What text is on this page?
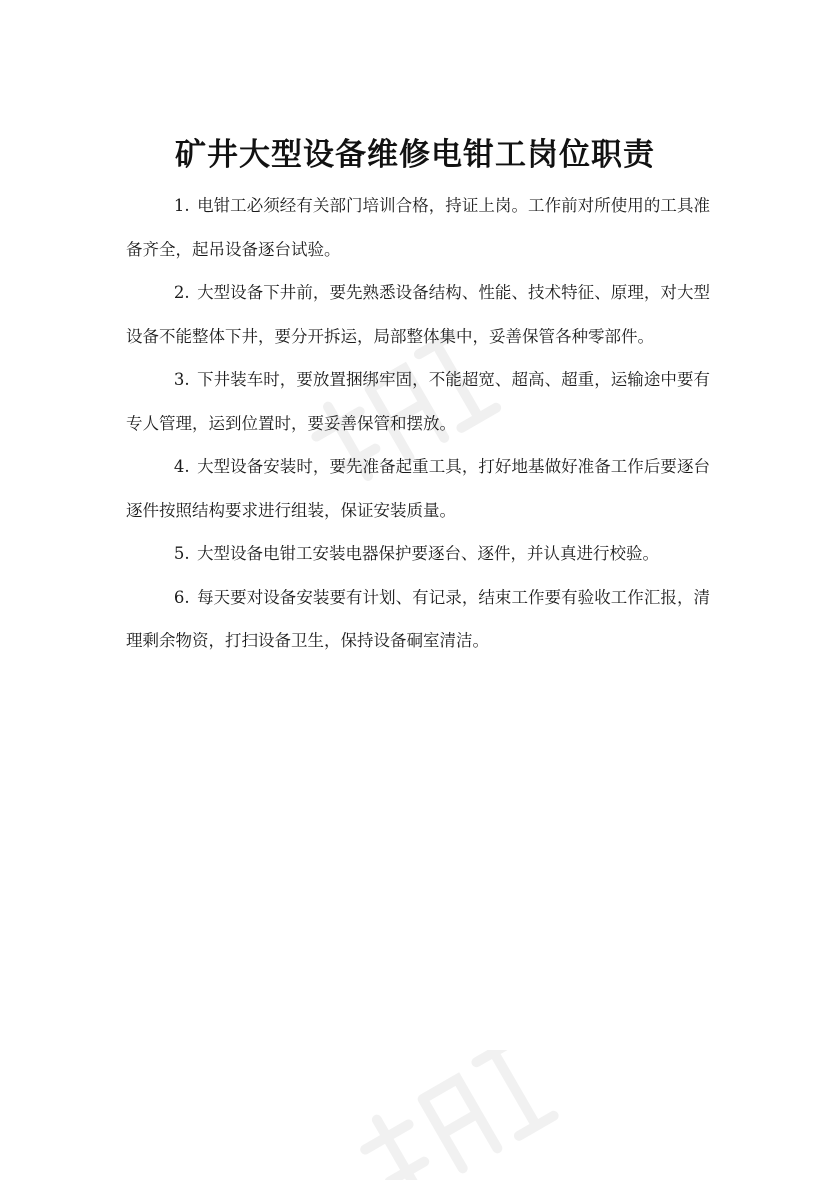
矿井大型设备维修电钳工岗位职责

1. 电钳工必须经有关部门培训合格，持证上岗。工作前对所使用的工具准备齐全，起吊设备逐台试验。

2. 大型设备下井前，要先熟悉设备结构、性能、技术特征、原理，对大型设备不能整体下井，要分开拆运，局部整体集中，妥善保管各种零部件。

3. 下井装车时，要放置捆绑牢固，不能超宽、超高、超重，运输途中要有专人管理，运到位置时，要妥善保管和摆放。

4. 大型设备安装时，要先准备起重工具，打好地基做好准备工作后要逐台逐件按照结构要求进行组装，保证安装质量。

5. 大型设备电钳工安装电器保护要逐台、逐件，并认真进行校验。

6. 每天要对设备安装要有计划、有记录，结束工作要有验收工作汇报，清理剩余物资，打扫设备卫生，保持设备硐室清洁。
